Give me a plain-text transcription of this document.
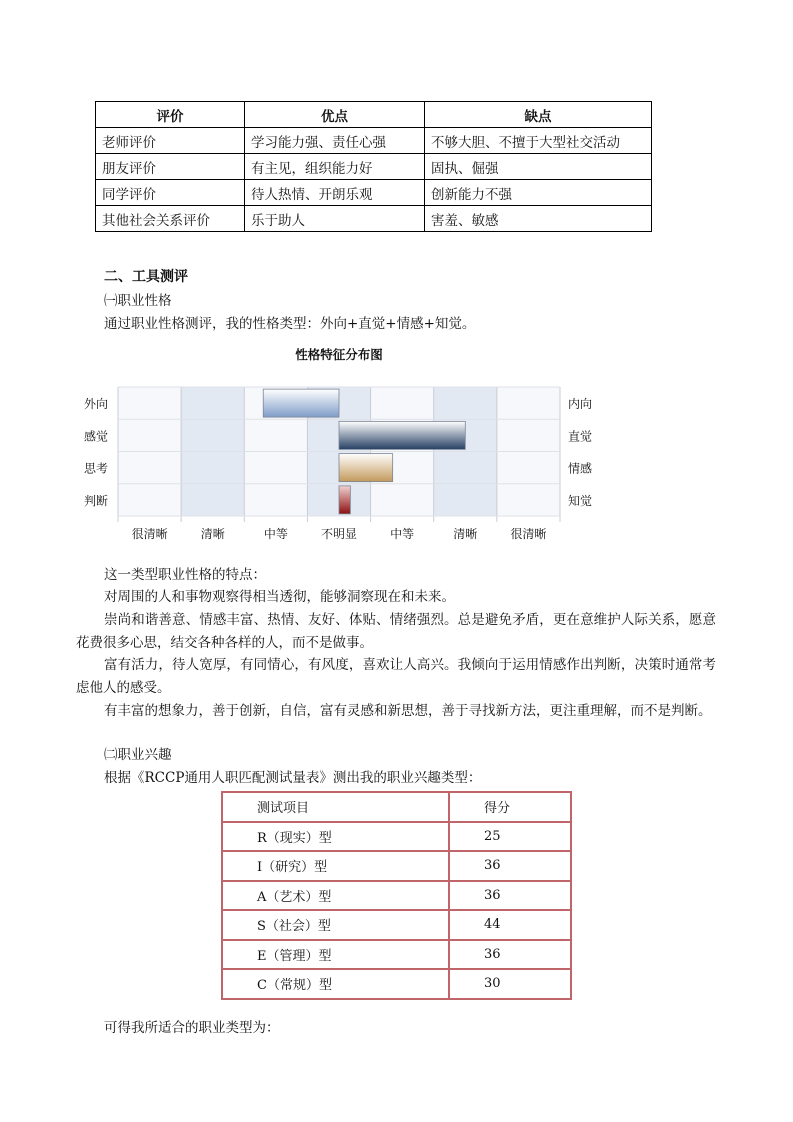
评价	优点	缺点
老师评价	学习能力强、责任心强	不够大胆、不擅于大型社交活动
朋友评价	有主见，组织能力好	固执、倔强
同学评价	待人热情、开朗乐观	创新能力不强
其他社会关系评价	乐于助人	害羞、敏感
二、工具测评
㈠职业性格
通过职业性格测评，我的性格类型：外向+直觉+情感+知觉。
性格特征分布图
外向
感觉
思考
判断
内向
直觉
情感
知觉
很清晰	清晰	中等	不明显	中等	清晰	很清晰
这一类型职业性格的特点：
对周围的人和事物观察得相当透彻，能够洞察现在和未来。
崇尚和谐善意、情感丰富、热情、友好、体贴、情绪强烈。总是避免矛盾，更在意维护人际关系，愿意花费很多心思，结交各种各样的人，而不是做事。
富有活力，待人宽厚，有同情心，有风度，喜欢让人高兴。我倾向于运用情感作出判断，决策时通常考虑他人的感受。
有丰富的想象力，善于创新，自信，富有灵感和新思想，善于寻找新方法，更注重理解，而不是判断。
㈡职业兴趣
根据《RCCP通用人职匹配测试量表》测出我的职业兴趣类型：
测试项目	得分
R（现实）型	25
I（研究）型	36
A（艺术）型	36
S（社会）型	44
E（管理）型	36
C（常规）型	30
可得我所适合的职业类型为：
